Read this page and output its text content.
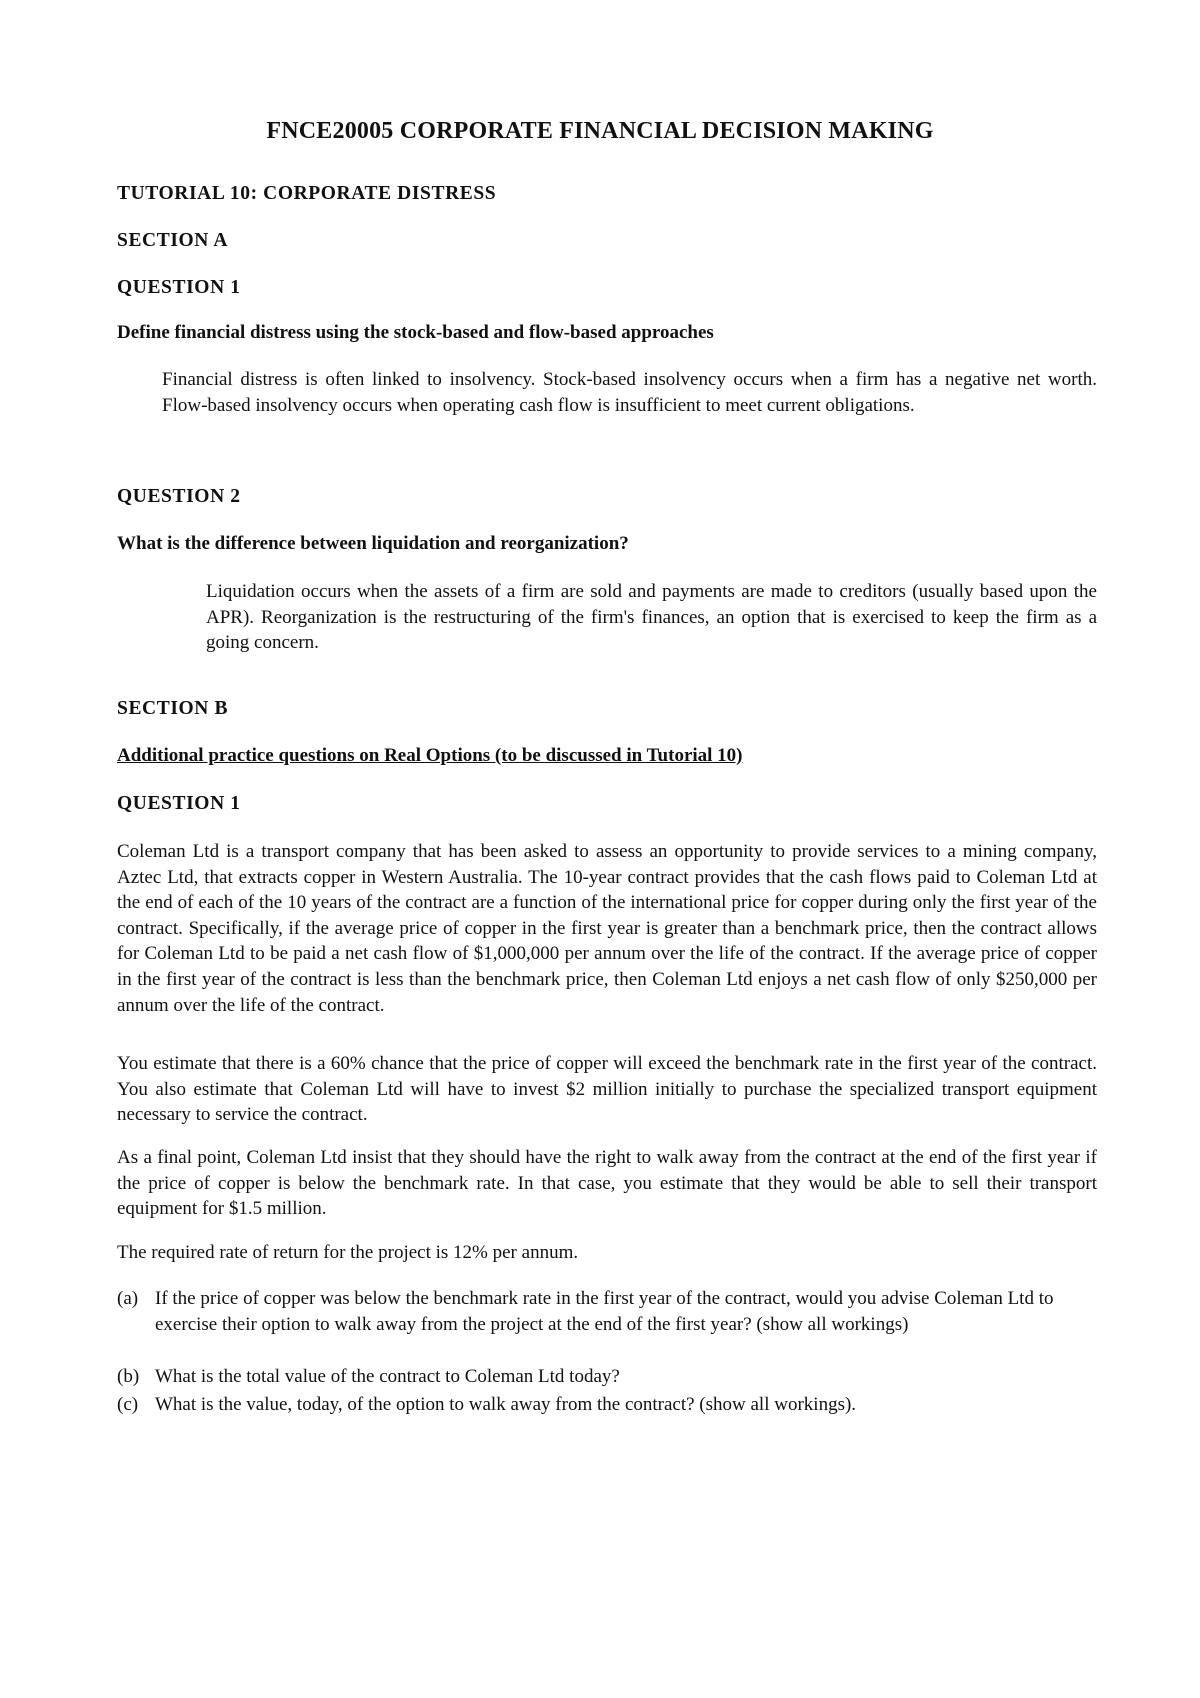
FNCE20005 CORPORATE FINANCIAL DECISION MAKING
TUTORIAL 10: CORPORATE DISTRESS
SECTION A
QUESTION 1
Define financial distress using the stock-based and flow-based approaches

Financial distress is often linked to insolvency. Stock-based insolvency occurs when a firm has a negative net worth. Flow-based insolvency occurs when operating cash flow is insufficient to meet current obligations.

QUESTION 2
What is the difference between liquidation and reorganization?

Liquidation occurs when the assets of a firm are sold and payments are made to creditors (usually based upon the APR). Reorganization is the restructuring of the firm's finances, an option that is exercised to keep the firm as a going concern.

SECTION B
Additional practice questions on Real Options (to be discussed in Tutorial 10)
QUESTION 1

Coleman Ltd is a transport company that has been asked to assess an opportunity to provide services to a mining company, Aztec Ltd, that extracts copper in Western Australia. The 10-year contract provides that the cash flows paid to Coleman Ltd at the end of each of the 10 years of the contract are a function of the international price for copper during only the first year of the contract. Specifically, if the average price of copper in the first year is greater than a benchmark price, then the contract allows for Coleman Ltd to be paid a net cash flow of $1,000,000 per annum over the life of the contract. If the average price of copper in the first year of the contract is less than the benchmark price, then Coleman Ltd enjoys a net cash flow of only $250,000 per annum over the life of the contract.

You estimate that there is a 60% chance that the price of copper will exceed the benchmark rate in the first year of the contract. You also estimate that Coleman Ltd will have to invest $2 million initially to purchase the specialized transport equipment necessary to service the contract.

As a final point, Coleman Ltd insist that they should have the right to walk away from the contract at the end of the first year if the price of copper is below the benchmark rate. In that case, you estimate that they would be able to sell their transport equipment for $1.5 million.

The required rate of return for the project is 12% per annum.

(a) If the price of copper was below the benchmark rate in the first year of the contract, would you advise Coleman Ltd to exercise their option to walk away from the project at the end of the first year? (show all workings)
(b) What is the total value of the contract to Coleman Ltd today?
(c) What is the value, today, of the option to walk away from the contract? (show all workings).
